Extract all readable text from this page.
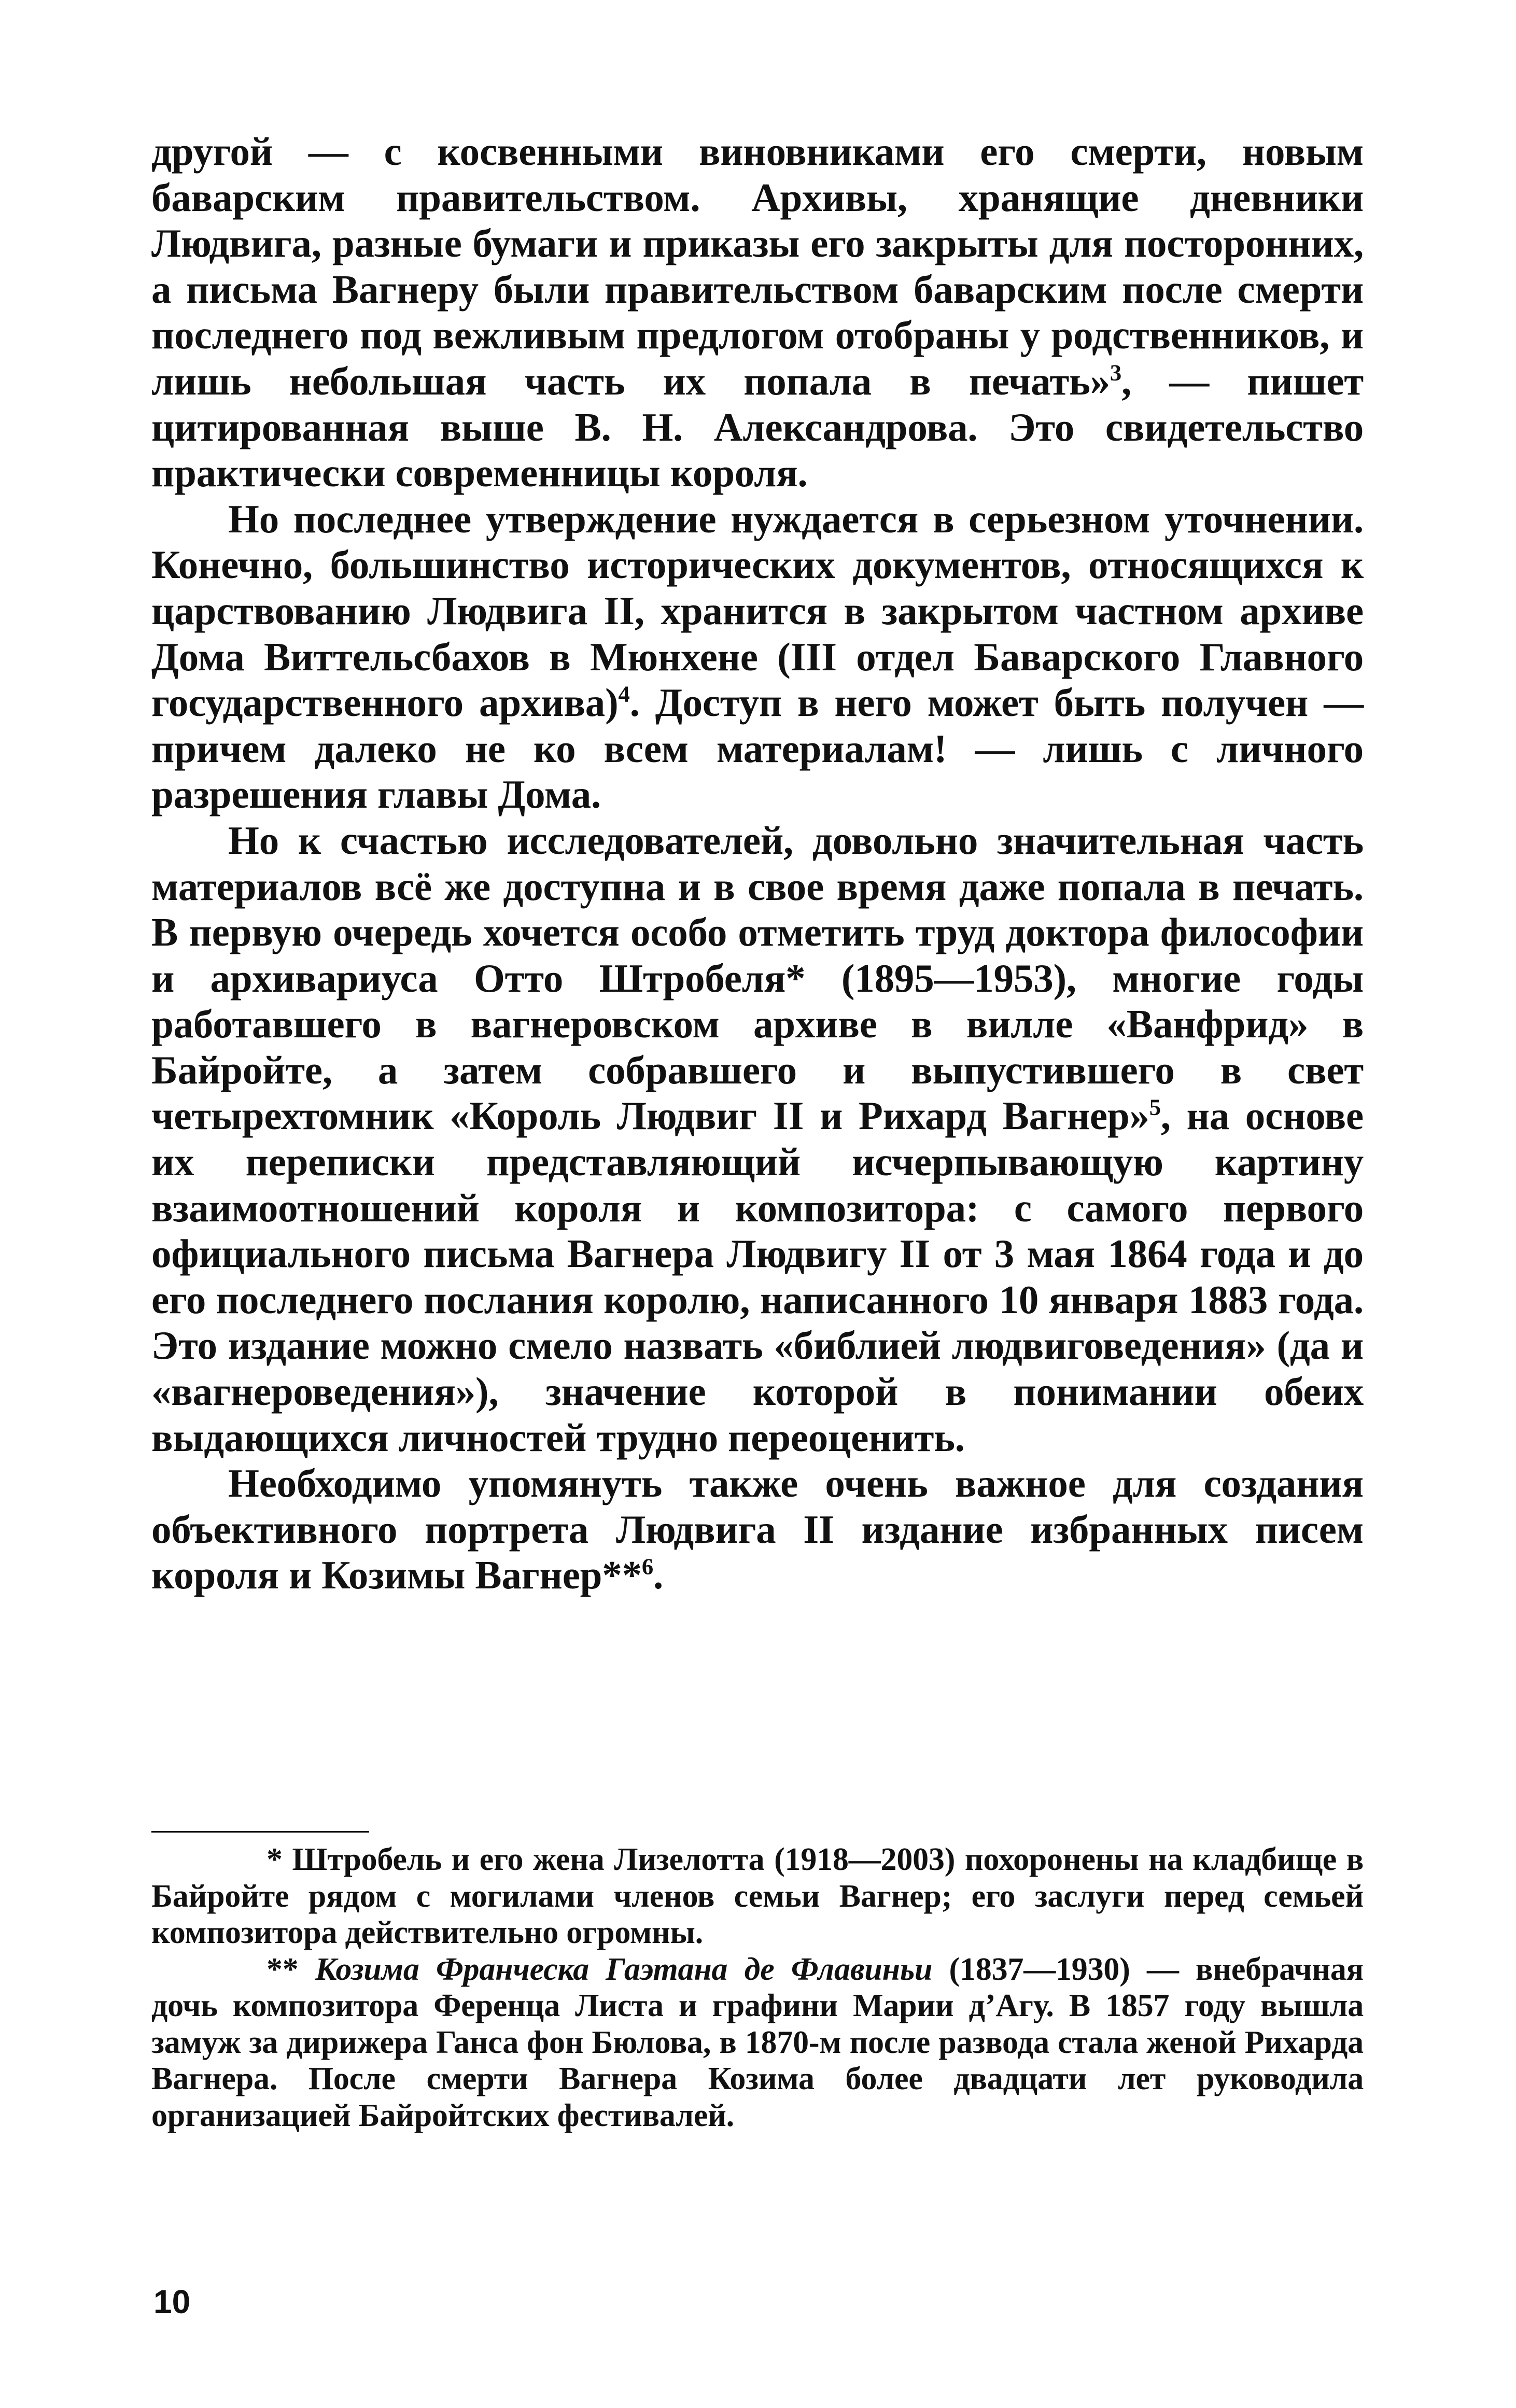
другой — с косвенными виновниками его смерти, новым баварским правительством. Архивы, хранящие дневники Людвига, разные бумаги и приказы его закрыты для посторонних, а письма Вагнеру были правительством баварским после смерти последнего под вежливым предлогом отобраны у родственников, и лишь небольшая часть их попала в печать»$^3$, — пишет цитированная выше В. Н. Александрова. Это свидетельство практически современницы короля.

Но последнее утверждение нуждается в серьезном уточнении. Конечно, большинство исторических документов, относящихся к царствованию Людвига II, хранится в закрытом частном архиве Дома Виттельсбахов в Мюнхене (III отдел Баварского Главного государственного архива)$^4$. Доступ в него может быть получен — причем далеко не ко всем материалам! — лишь с личного разрешения главы Дома.

Но к счастью исследователей, довольно значительная часть материалов всё же доступна и в свое время даже попала в печать. В первую очередь хочется особо отметить труд доктора философии и архивариуса Отто Штробеля* (1895—1953), многие годы работавшего в вагнеровском архиве в вилле «Ванфрид» в Байройте, а затем собравшего и выпустившего в свет четырехтомник «Король Людвиг II и Рихард Вагнер»$^5$, на основе их переписки представляющий исчерпывающую картину взаимоотношений короля и композитора: с самого первого официального письма Вагнера Людвигу II от 3 мая 1864 года и до его последнего послания королю, написанного 10 января 1883 года. Это издание можно смело назвать «библией людвиговедения» (да и «вагнероведения»), значение которой в понимании обеих выдающихся личностей трудно переоценить.

Необходимо упомянуть также очень важное для создания объективного портрета Людвига II издание избранных писем короля и Козимы Вагнер**$^6$.

* Штробель и его жена Лизелотта (1918—2003) похоронены на кладбище в Байройте рядом с могилами членов семьи Вагнер; его заслуги перед семьей композитора действительно огромны.

** Козима Франческа Гаэтана де Флавиньи (1837—1930) — внебрачная дочь композитора Ференца Листа и графини Марии д’Агу. В 1857 году вышла замуж за дирижера Ганса фон Бюлова, в 1870-м после развода стала женой Рихарда Вагнера. После смерти Вагнера Козима более двадцати лет руководила организацией Байройтских фестивалей.

10
